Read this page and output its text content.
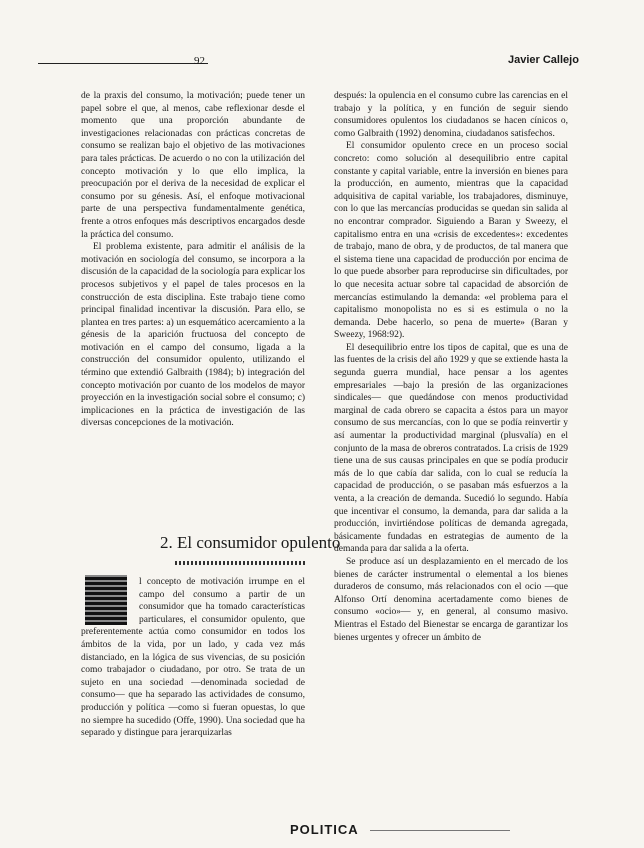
92	Javier Callejo

de la praxis del consumo, la motivación; puede tener un papel sobre el que, al menos, cabe reflexionar desde el momento que una proporción abundante de investigaciones relacionadas con prácticas concretas de consumo se realizan bajo el objetivo de las motivaciones para tales prácticas. De acuerdo o no con la utilización del concepto motivación y lo que ello implica, la preocupación por el deriva de la necesidad de explicar el consumo por su génesis. Así, el enfoque motivacional parte de una perspectiva fundamentalmente genética, frente a otros enfoques más descriptivos encargados desde la práctica del consumo.

El problema existente, para admitir el análisis de la motivación en sociología del consumo, se incorpora a la discusión de la capacidad de la sociología para explicar los procesos subjetivos y el papel de tales procesos en la construcción de esta disciplina. Este trabajo tiene como principal finalidad incentivar la discusión. Para ello, se plantea en tres partes: a) un esquemático acercamiento a la génesis de la aparición fructuosa del concepto de motivación en el campo del consumo, ligada a la construcción del consumidor opulento, utilizando el término que extendió Galbraith (1984); b) integración del concepto motivación por cuanto de los modelos de mayor proyección en la investigación social sobre el consumo; c) implicaciones en la práctica de investigación de las diversas concepciones de la motivación.

2. El consumidor opulento

l concepto de motivación irrumpe en el campo del consumo a partir de un consumidor que ha tomado características particulares, el consumidor opulento, que preferentemente actúa como consumidor en todos los ámbitos de la vida, por un lado, y cada vez más distanciado, en la lógica de sus vivencias, de su posición como trabajador o ciudadano, por otro. Se trata de un sujeto en una sociedad —denominada sociedad de consumo— que ha separado las actividades de consumo, producción y política —como si fueran opuestas, lo que no siempre ha sucedido (Offe, 1990). Una sociedad que ha separado y distingue para jerarquizarlas

después: la opulencia en el consumo cubre las carencias en el trabajo y la política, y en función de seguir siendo consumidores opulentos los ciudadanos se hacen cínicos o, como Galbraith (1992) denomina, ciudadanos satisfechos.

El consumidor opulento crece en un proceso social concreto: como solución al desequilibrio entre capital constante y capital variable, entre la inversión en bienes para la producción, en aumento, mientras que la capacidad adquisitiva de capital variable, los trabajadores, disminuye, con lo que las mercancías producidas se quedan sin salida al no encontrar comprador. Siguiendo a Baran y Sweezy, el capitalismo entra en una «crisis de excedentes»: excedentes de trabajo, mano de obra, y de productos, de tal manera que el sistema tiene una capacidad de producción por encima de lo que puede absorber para reproducirse sin dificultades, por lo que necesita actuar sobre tal capacidad de absorción de mercancías estimulando la demanda: «el problema para el capitalismo monopolista no es si es estimula o no la demanda. Debe hacerlo, so pena de muerte» (Baran y Sweezy, 1968:92).

El desequilibrio entre los tipos de capital, que es una de las fuentes de la crisis del año 1929 y que se extiende hasta la segunda guerra mundial, hace pensar a los agentes empresariales —bajo la presión de las organizaciones sindicales— que quedándose con menos productividad marginal de cada obrero se capacita a éstos para un mayor consumo de sus mercancías, con lo que se podía reinvertir y así aumentar la productividad marginal (plusvalía) en el conjunto de la masa de obreros contratados. La crisis de 1929 tiene una de sus causas principales en que se podía producir más de lo que cabía dar salida, con lo cual se reducía la capacidad de producción, o se pasaban más esfuerzos a la venta, a la creación de demanda. Sucedió lo segundo. Había que incentivar el consumo, la demanda, para dar salida a la producción, invirtiéndose políticas de demanda agregada, básicamente fundadas en estrategias de aumento de la demanda para dar salida a la oferta.

Se produce así un desplazamiento en el mercado de los bienes de carácter instrumental o elemental a los bienes duraderos de consumo, más relacionados con el ocio —que Alfonso Ortí denomina acertadamente como bienes de consumo «ocio»— y, en general, al consumo masivo. Mientras el Estado del Bienestar se encarga de garantizar los bienes urgentes y ofrecer un ámbito de

POLITICA
